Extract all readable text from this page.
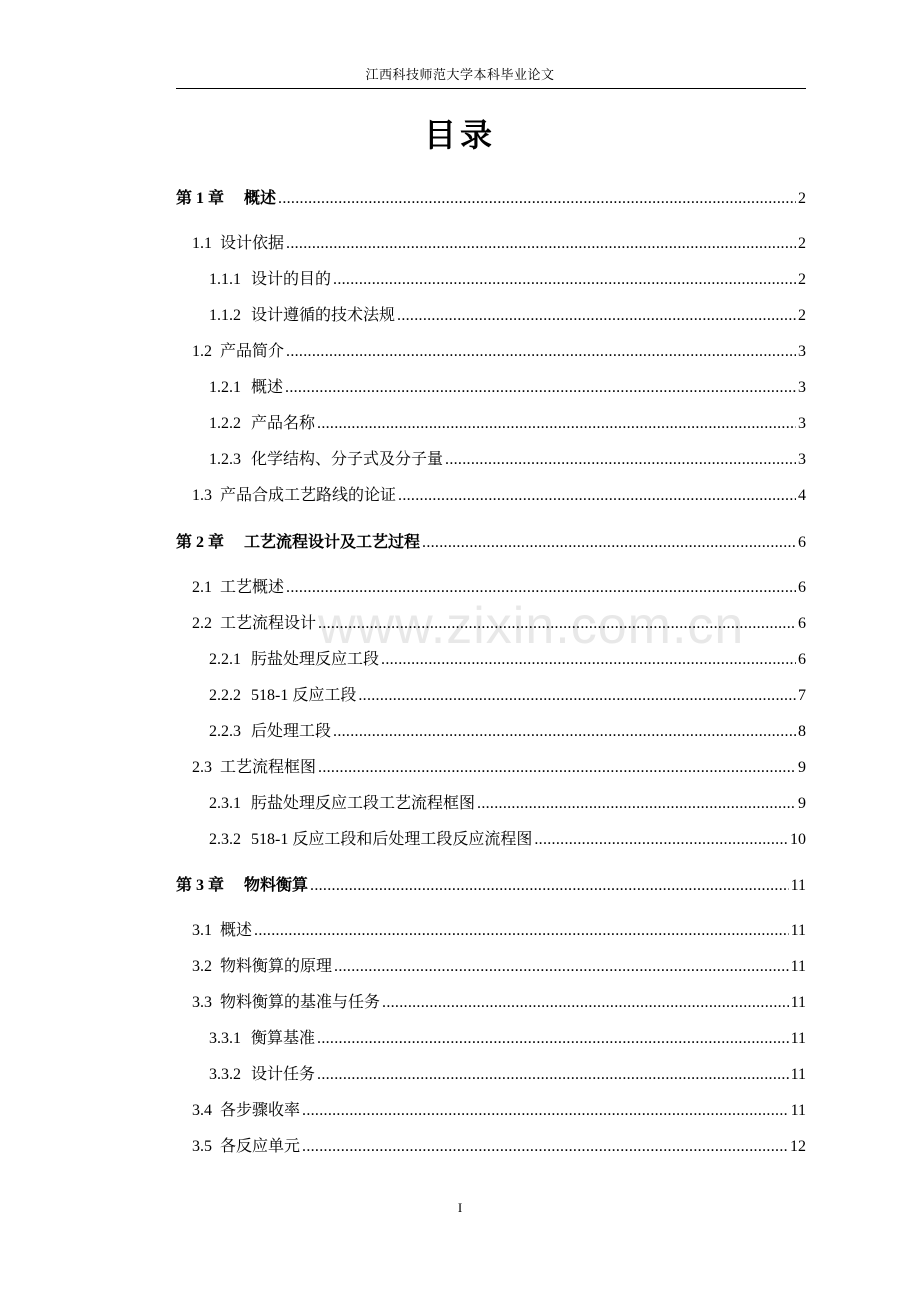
江西科技师范大学本科毕业论文
目录
www.zixin.com.cn
第 1 章 概述 .....	2
1.1 设计依据 .....	2
1.1.1 设计的目的 .....	2
1.1.2 设计遵循的技术法规 .....	2
1.2 产品简介 .....	3
1.2.1 概述 .....	3
1.2.2 产品名称 .....	3
1.2.3 化学结构、分子式及分子量 .....	3
1.3 产品合成工艺路线的论证 .....	4
第 2 章 工艺流程设计及工艺过程 .....	6
2.1 工艺概述 .....	6
2.2 工艺流程设计 .....	6
2.2.1 肟盐处理反应工段 .....	6
2.2.2 518-1 反应工段 .....	7
2.2.3 后处理工段 .....	8
2.3 工艺流程框图 .....	9
2.3.1 肟盐处理反应工段工艺流程框图 .....	9
2.3.2 518-1 反应工段和后处理工段反应流程图 .....	10
第 3 章 物料衡算 .....	11
3.1 概述 .....	11
3.2 物料衡算的原理 .....	11
3.3 物料衡算的基准与任务 .....	11
3.3.1 衡算基准 .....	11
3.3.2 设计任务 .....	11
3.4 各步骤收率 .....	11
3.5 各反应单元 .....	12
I
